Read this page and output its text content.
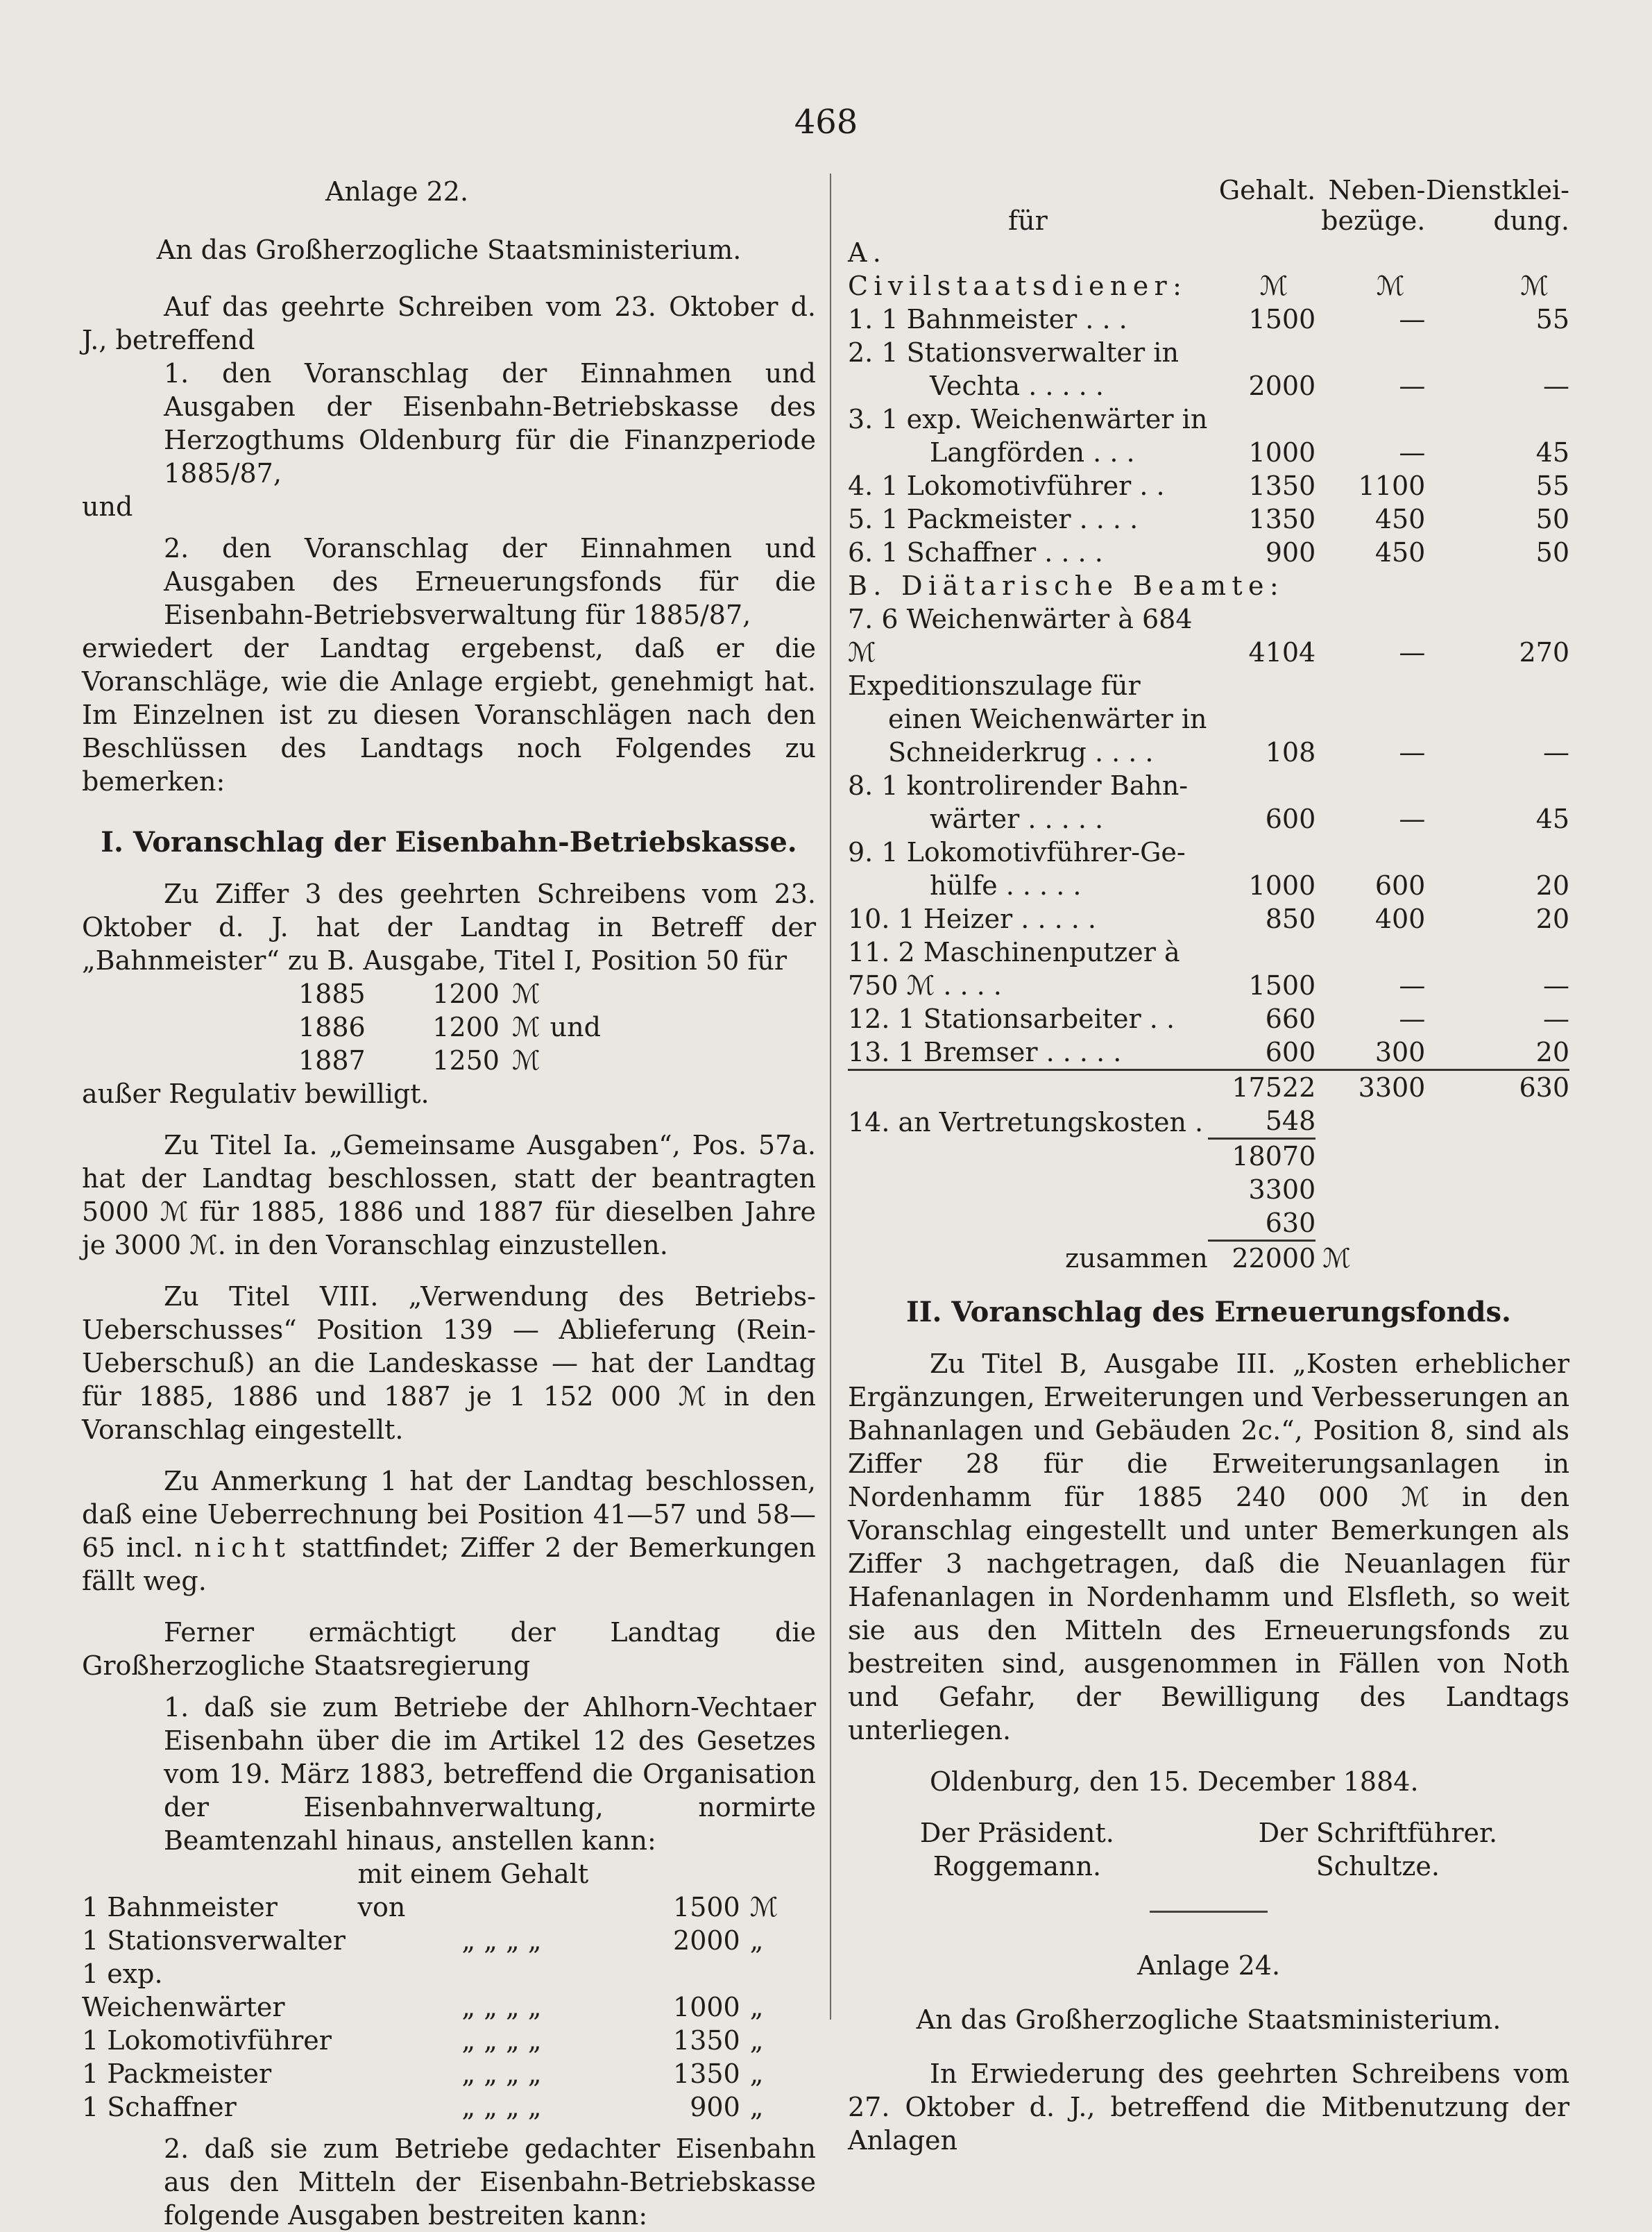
468

Anlage 22.

An das Großherzogliche Staatsministerium.

Auf das geehrte Schreiben vom 23. Oktober d. J., betreffend

1. den Voranschlag der Einnahmen und Ausgaben der Eisenbahn-Betriebskasse des Herzogthums Oldenburg für die Finanzperiode 1885/87,

und

2. den Voranschlag der Einnahmen und Ausgaben des Erneuerungsfonds für die Eisenbahn-Betriebsverwaltung für 1885/87,

erwiedert der Landtag ergebenst, daß er die Voranschläge, wie die Anlage ergiebt, genehmigt hat. Im Einzelnen ist zu diesen Voranschlägen nach den Beschlüssen des Landtags noch Folgendes zu bemerken:

I. Voranschlag der Eisenbahn-Betriebskasse.

Zu Ziffer 3 des geehrten Schreibens vom 23. Oktober d. J. hat der Landtag in Betreff der „Bahnmeister“ zu B. Ausgabe, Titel I, Position 50 für

1885	1200 ℳ
1886	1200 ℳ und
1887	1250 ℳ

außer Regulativ bewilligt.

Zu Titel Ia. „Gemeinsame Ausgaben“, Pos. 57a. hat der Landtag beschlossen, statt der beantragten 5000 ℳ für 1885, 1886 und 1887 für dieselben Jahre je 3000 ℳ. in den Voranschlag einzustellen.

Zu Titel VIII. „Verwendung des Betriebs-Ueberschusses“ Position 139 — Ablieferung (Rein-Ueberschuß) an die Landeskasse — hat der Landtag für 1885, 1886 und 1887 je 1 152 000 ℳ in den Voranschlag eingestellt.

Zu Anmerkung 1 hat der Landtag beschlossen, daß eine Ueberrechnung bei Position 41—57 und 58—65 incl. nicht stattfindet; Ziffer 2 der Bemerkungen fällt weg.

Ferner ermächtigt der Landtag die Großherzogliche Staatsregierung

1. daß sie zum Betriebe der Ahlhorn-Vechtaer Eisenbahn über die im Artikel 12 des Gesetzes vom 19. März 1883, betreffend die Organisation der Eisenbahnverwaltung, normirte Beamtenzahl hinaus, anstellen kann:

1 Bahnmeister	mit einem Gehalt von	1500	ℳ
1 Stationsverwalter	„ „ „ „	2000	„
1 exp. Weichenwärter	„ „ „ „	1000	„
1 Lokomotivführer	„ „ „ „	1350	„
1 Packmeister	„ „ „ „	1350	„
1 Schaffner	„ „ „ „	900	„

2. daß sie zum Betriebe gedachter Eisenbahn aus den Mitteln der Eisenbahn-Betriebskasse folgende Ausgaben bestreiten kann:

	Gehalt.	Neben-	Dienstklei-
für		bezüge.	dung.
A. Civilstaatsdiener:	ℳ	ℳ	ℳ
1. 1 Bahnmeister . . .	1500	—	55
2. 1 Stationsverwalter in			
Vechta . . . . .	2000	—	—
3. 1 exp. Weichenwärter in			
Langförden . . .	1000	—	45
4. 1 Lokomotivführer . .	1350	1100	55
5. 1 Packmeister . . . .	1350	450	50
6. 1 Schaffner . . . .	900	450	50
B. Diätarische Beamte:			
7. 6 Weichenwärter à 684 ℳ	4104	—	270
Expeditionszulage für			
einen Weichenwärter in			
Schneiderkrug . . . .	108	—	—
8. 1 kontrolirender Bahn-			
wärter . . . . .	600	—	45
9. 1 Lokomotivführer-Ge-			
hülfe . . . . .	1000	600	20
10. 1 Heizer . . . . .	850	400	20
11. 2 Maschinenputzer à			
750 ℳ . . . .	1500	—	—
12. 1 Stationsarbeiter . .	660	—	—
13. 1 Bremser . . . . .	600	300	20
	17522	3300	630
14. an Vertretungskosten .	548		
	18070		
	3300		
	630		
zusammen	22000	ℳ	

II. Voranschlag des Erneuerungsfonds.

Zu Titel B, Ausgabe III. „Kosten erheblicher Ergänzungen, Erweiterungen und Verbesserungen an Bahnanlagen und Gebäuden 2c.“, Position 8, sind als Ziffer 28 für die Erweiterungsanlagen in Nordenhamm für 1885 240 000 ℳ in den Voranschlag eingestellt und unter Bemerkungen als Ziffer 3 nachgetragen, daß die Neuanlagen für Hafenanlagen in Nordenhamm und Elsfleth, so weit sie aus den Mitteln des Erneuerungsfonds zu bestreiten sind, ausgenommen in Fällen von Noth und Gefahr, der Bewilligung des Landtags unterliegen.

Oldenburg, den 15. December 1884.

Der Präsident.

Roggemann.

Der Schriftführer.

Schultze.

Anlage 24.

An das Großherzogliche Staatsministerium.

In Erwiederung des geehrten Schreibens vom 27. Oktober d. J., betreffend die Mitbenutzung der Anlagen
